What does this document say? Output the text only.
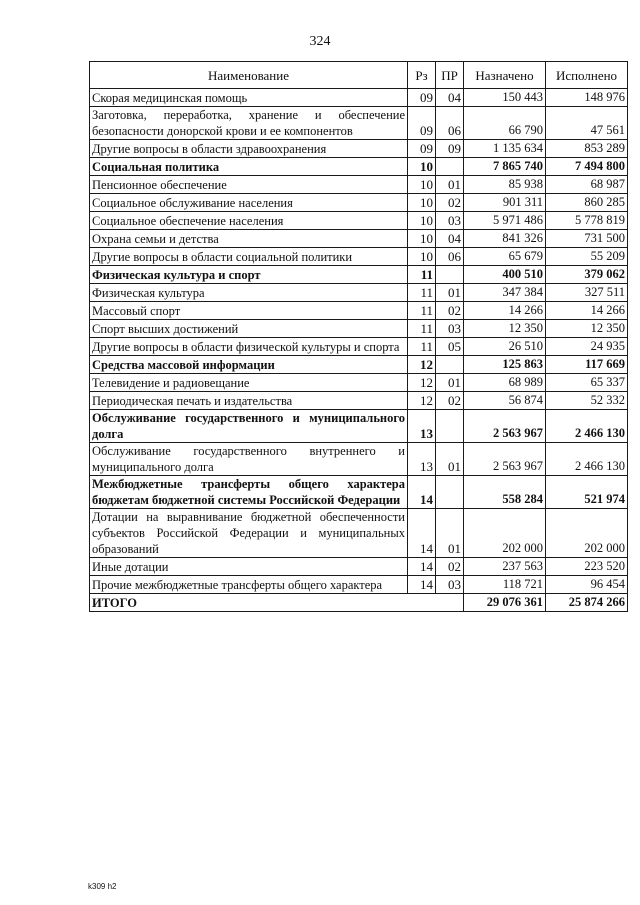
324
Наименование	Рз	ПР	Назначено	Исполнено
Скорая медицинская помощь	09	04	150 443	148 976
Заготовка, переработка, хранение и обеспечение безопасности донорской крови и ее компонентов	09	06	66 790	47 561
Другие вопросы в области здравоохранения	09	09	1 135 634	853 289
Социальная политика	10		7 865 740	7 494 800
Пенсионное обеспечение	10	01	85 938	68 987
Социальное обслуживание населения	10	02	901 311	860 285
Социальное обеспечение населения	10	03	5 971 486	5 778 819
Охрана семьи и детства	10	04	841 326	731 500
Другие вопросы в области социальной политики	10	06	65 679	55 209
Физическая культура и спорт	11		400 510	379 062
Физическая культура	11	01	347 384	327 511
Массовый спорт	11	02	14 266	14 266
Спорт высших достижений	11	03	12 350	12 350
Другие вопросы в области физической культуры и спорта	11	05	26 510	24 935
Средства массовой информации	12		125 863	117 669
Телевидение и радиовещание	12	01	68 989	65 337
Периодическая печать и издательства	12	02	56 874	52 332
Обслуживание государственного и муниципального долга	13		2 563 967	2 466 130
Обслуживание государственного внутреннего и муниципального долга	13	01	2 563 967	2 466 130
Межбюджетные трансферты общего характера бюджетам бюджетной системы Российской Федерации	14		558 284	521 974
Дотации на выравнивание бюджетной обеспеченности субъектов Российской Федерации и муниципальных образований	14	01	202 000	202 000
Иные дотации	14	02	237 563	223 520
Прочие межбюджетные трансферты общего характера	14	03	118 721	96 454
ИТОГО			29 076 361	25 874 266
k309 h2
